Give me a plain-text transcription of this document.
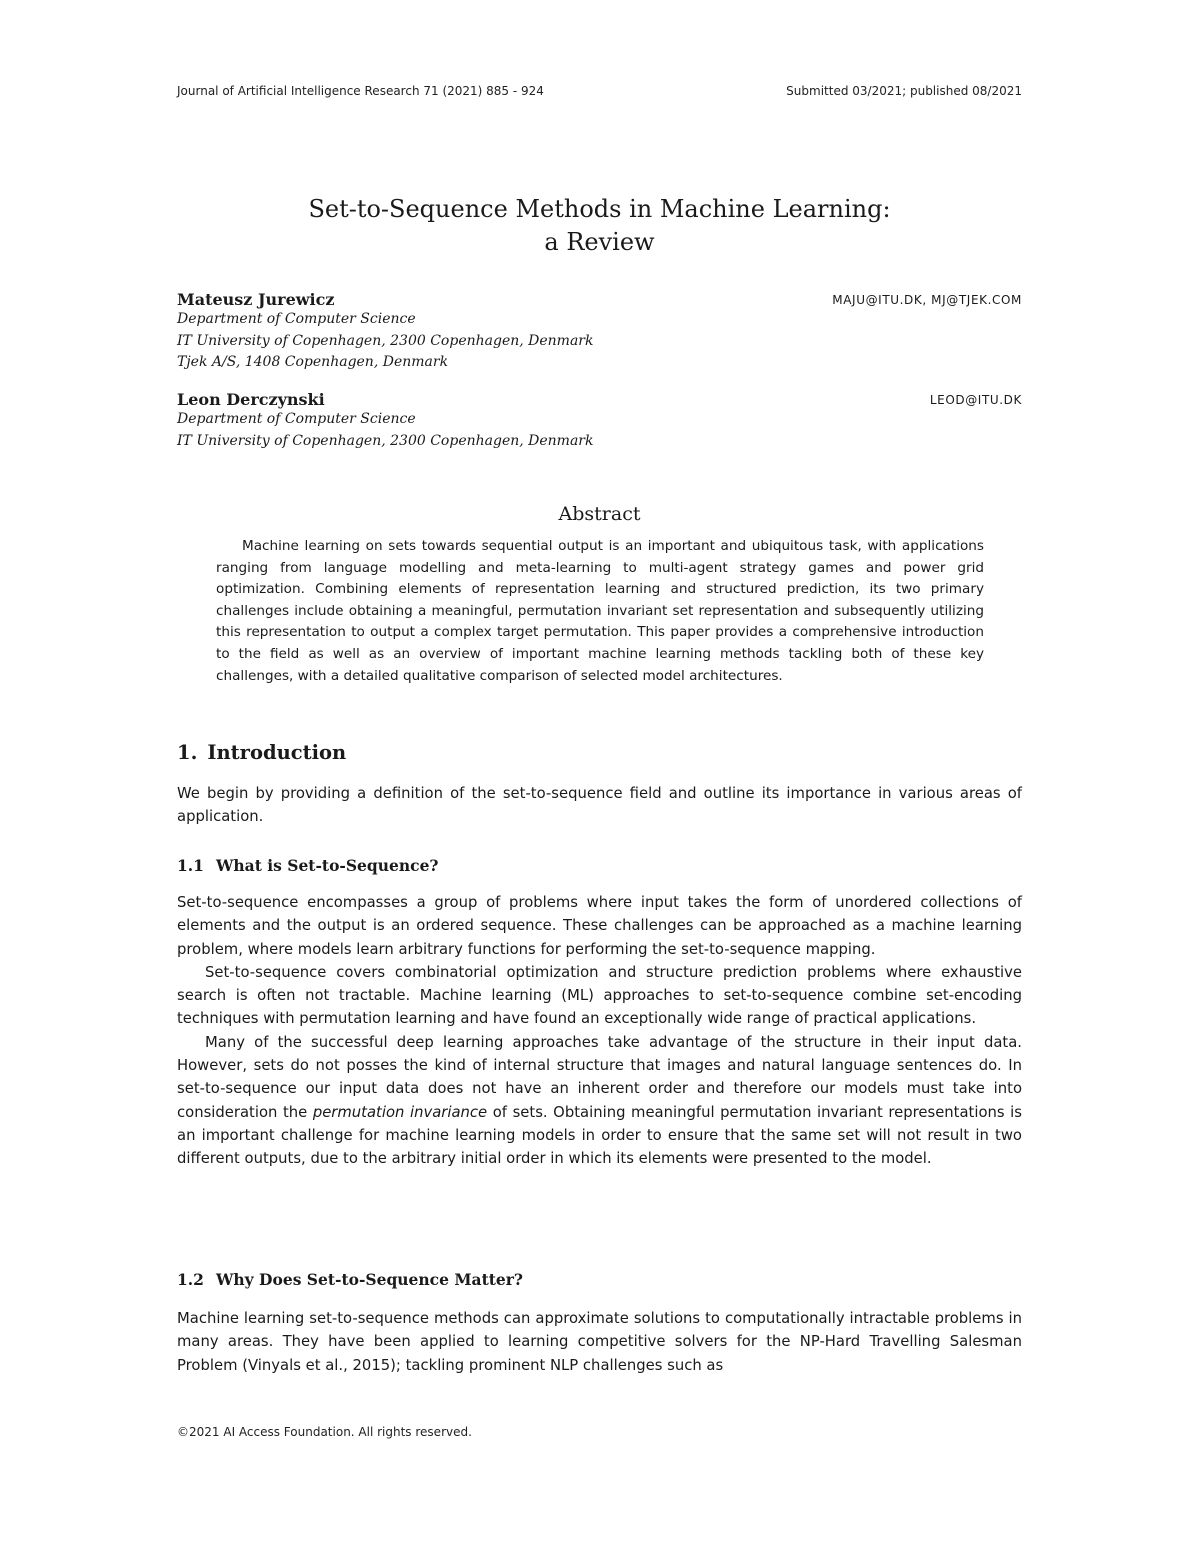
Journal of Artificial Intelligence Research 71 (2021) 885 - 924	Submitted 03/2021; published 08/2021
Set-to-Sequence Methods in Machine Learning:
a Review
Mateusz Jurewicz	MAJU@ITU.DK, MJ@TJEK.COM
Department of Computer Science
IT University of Copenhagen, 2300 Copenhagen, Denmark
Tjek A/S, 1408 Copenhagen, Denmark
Leon Derczynski	LEOD@ITU.DK
Department of Computer Science
IT University of Copenhagen, 2300 Copenhagen, Denmark
Abstract
Machine learning on sets towards sequential output is an important and ubiquitous task, with applications ranging from language modelling and meta-learning to multi-agent strategy games and power grid optimization. Combining elements of representation learning and structured prediction, its two primary challenges include obtaining a meaningful, permutation invariant set representation and subsequently utilizing this representation to output a complex target permutation. This paper provides a comprehensive introduction to the field as well as an overview of important machine learning methods tackling both of these key challenges, with a detailed qualitative comparison of selected model architectures.
1. Introduction

We begin by providing a definition of the set-to-sequence field and outline its importance in various areas of application.

1.1 What is Set-to-Sequence?

Set-to-sequence encompasses a group of problems where input takes the form of unordered collections of elements and the output is an ordered sequence. These challenges can be approached as a machine learning problem, where models learn arbitrary functions for performing the set-to-sequence mapping.

Set-to-sequence covers combinatorial optimization and structure prediction problems where exhaustive search is often not tractable. Machine learning (ML) approaches to set-to-sequence combine set-encoding techniques with permutation learning and have found an exceptionally wide range of practical applications.

Many of the successful deep learning approaches take advantage of the structure in their input data. However, sets do not posses the kind of internal structure that images and natural language sentences do. In set-to-sequence our input data does not have an inherent order and therefore our models must take into consideration the permutation invariance of sets. Obtaining meaningful permutation invariant representations is an important challenge for machine learning models in order to ensure that the same set will not result in two different outputs, due to the arbitrary initial order in which its elements were presented to the model.

1.2 Why Does Set-to-Sequence Matter?

Machine learning set-to-sequence methods can approximate solutions to computationally intractable problems in many areas. They have been applied to learning competitive solvers for the NP-Hard Travelling Salesman Problem (Vinyals et al., 2015); tackling prominent NLP challenges such as

©2021 AI Access Foundation. All rights reserved.
